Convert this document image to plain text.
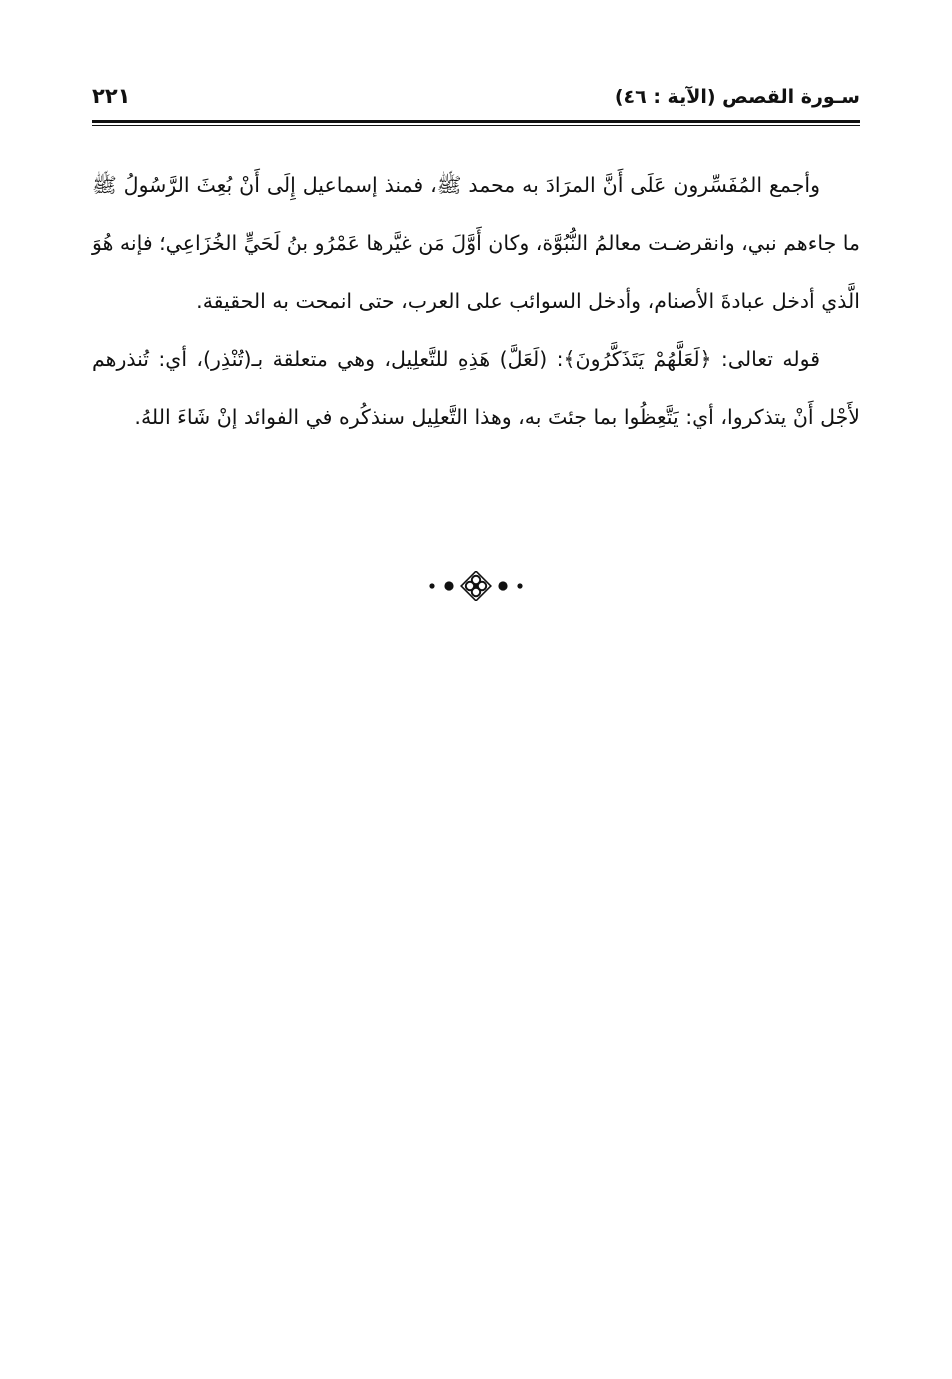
سـورة القصص (الآية : ٤٦)
٢٢١

وأجمع المُفَسِّرون عَلَى أَنَّ المرَادَ به محمد ﷺ، فمنذ إسماعيل إِلَى أَنْ بُعِثَ الرَّسُولُ ﷺ ما جاءهم نبي، وانقرضـت معالمُ النُّبُوَّة، وكان أَوَّلَ مَن غيَّرها عَمْرُو بنُ لَحَيٍّ الخُزَاعِي؛ فإنه هُوَ الَّذي أدخل عبادةَ الأصنام، وأدخل السوائب على العرب، حتى انمحت به الحقيقة.

قوله تعالى: ﴿لَعَلَّهُمْ يَتَذَكَّرُونَ﴾: (لَعَلَّ) هَذِهِ للتَّعلِيل، وهي متعلقة بـ(تُنْذِر)، أي: تُنذرهم لأَجْل أَنْ يتذكروا، أي: يَتَّعِظُوا بما جئتَ به، وهذا التَّعلِيل سنذكُره في الفوائد إنْ شَاءَ اللهُ.
